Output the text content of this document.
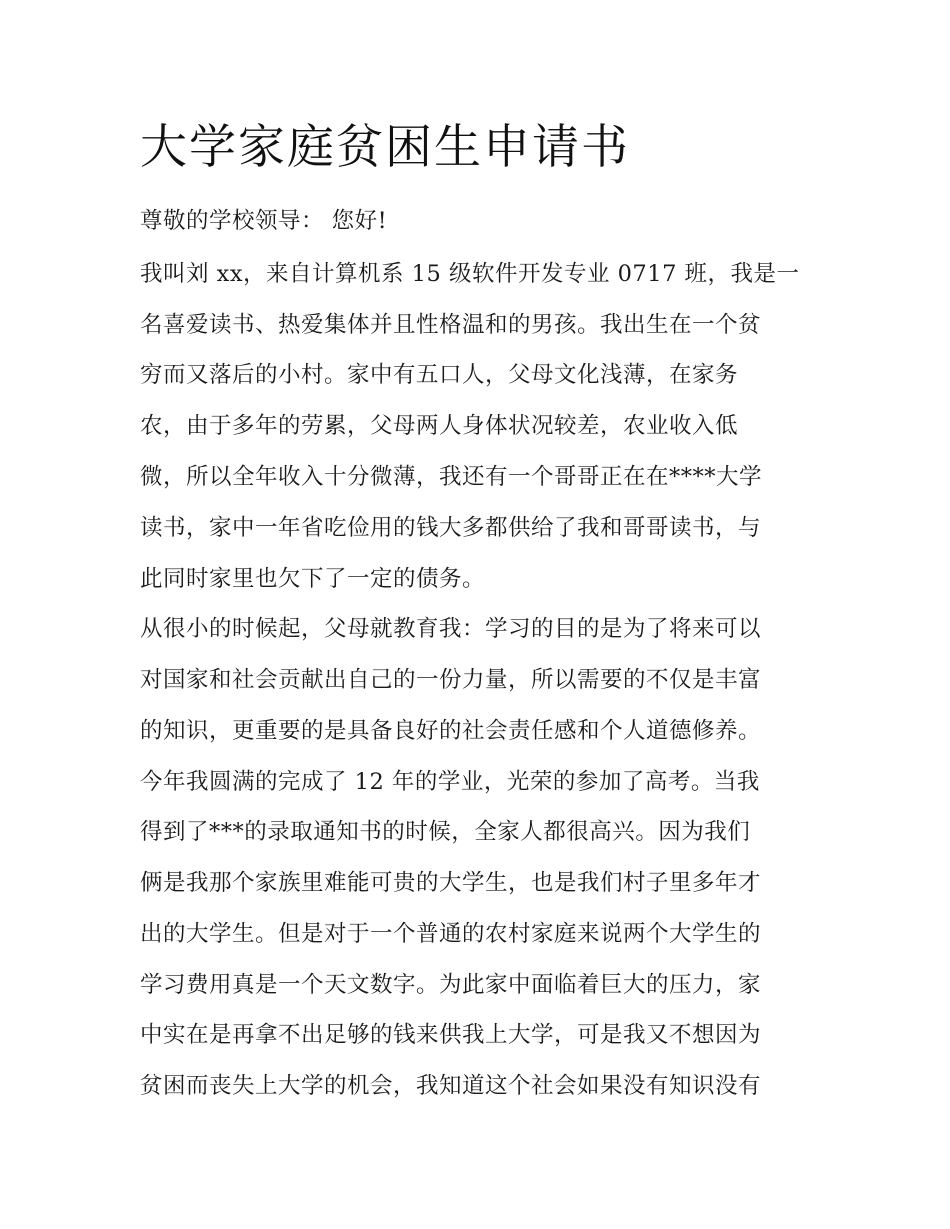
大学家庭贫困生申请书
尊敬的学校领导： 您好!
我叫刘 xx，来自计算机系 15 级软件开发专业 0717 班，我是一
名喜爱读书、热爱集体并且性格温和的男孩。我出生在一个贫
穷而又落后的小村。家中有五口人，父母文化浅薄，在家务
农，由于多年的劳累，父母两人身体状况较差，农业收入低
微，所以全年收入十分微薄，我还有一个哥哥正在在****大学
读书，家中一年省吃俭用的钱大多都供给了我和哥哥读书，与
此同时家里也欠下了一定的债务。
从很小的时候起，父母就教育我：学习的目的是为了将来可以
对国家和社会贡献出自己的一份力量，所以需要的不仅是丰富
的知识，更重要的是具备良好的社会责任感和个人道德修养。
今年我圆满的完成了 12 年的学业，光荣的参加了高考。当我
得到了***的录取通知书的时候，全家人都很高兴。因为我们
俩是我那个家族里难能可贵的大学生，也是我们村子里多年才
出的大学生。但是对于一个普通的农村家庭来说两个大学生的
学习费用真是一个天文数字。为此家中面临着巨大的压力，家
中实在是再拿不出足够的钱来供我上大学，可是我又不想因为
贫困而丧失上大学的机会，我知道这个社会如果没有知识没有
